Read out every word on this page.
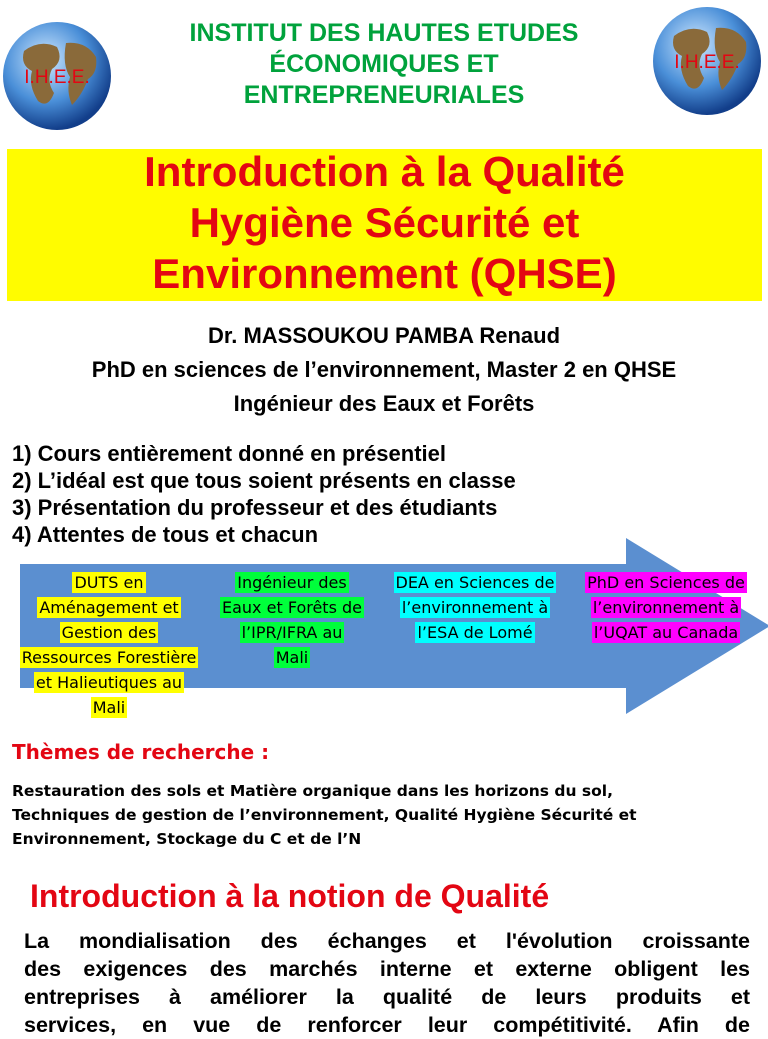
I.H.E.E.
I.H.E.E.
INSTITUT DES HAUTES ETUDES
ÉCONOMIQUES ET
ENTREPRENEURIALES
Introduction à la Qualité
Hygiène Sécurité et
Environnement (QHSE)
Dr. MASSOUKOU PAMBA Renaud
PhD en sciences de l’environnement, Master 2 en QHSE
Ingénieur des Eaux et Forêts
1) Cours entièrement donné en présentiel
2) L’idéal est que tous soient présents en classe
3) Présentation du professeur et des étudiants
4) Attentes de tous et chacun
DUTS en
Aménagement et
Gestion des
Ressources Forestière
et Halieutiques au
Mali
Ingénieur des
Eaux et Forêts de
l’IPR/IFRA au
Mali
DEA en Sciences de
l’environnement à
l’ESA de Lomé
PhD en Sciences de
l’environnement à
l’UQAT au Canada
Thèmes de recherche :
Restauration des sols et Matière organique dans les horizons du sol,
Techniques de gestion de l’environnement, Qualité Hygiène Sécurité et
Environnement, Stockage du C et de l’N
Introduction à la notion de Qualité
La mondialisation des échanges et l'évolution croissante
des exigences des marchés interne et externe obligent les
entreprises à améliorer la qualité de leurs produits et
services, en vue de renforcer leur compétitivité. Afin de
